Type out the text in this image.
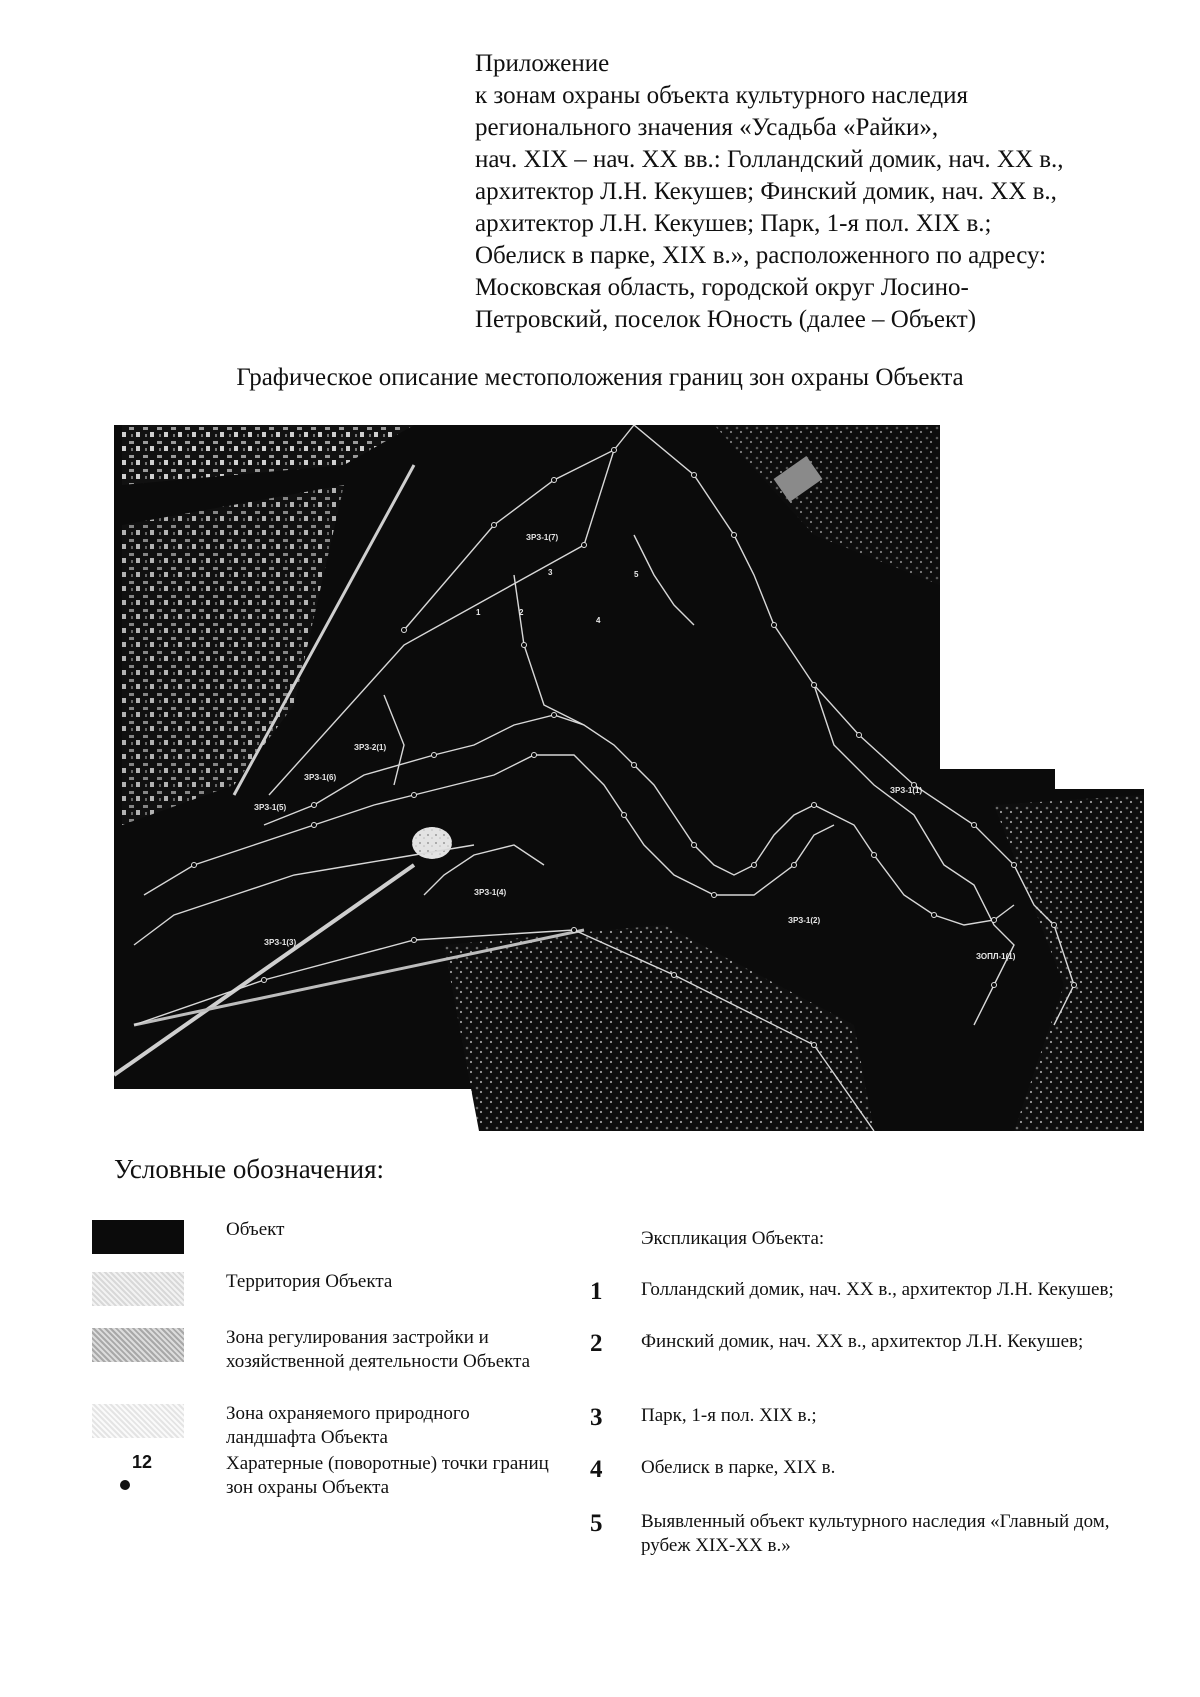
Приложение
к зонам охраны объекта культурного наследия
регионального значения «Усадьба «Райки»,
нач. XIX – нач. XX вв.: Голландский домик, нач. XX в.,
архитектор Л.Н. Кекушев; Финский домик, нач. XX в.,
архитектор Л.Н. Кекушев; Парк, 1-я пол. XIX в.;
Обелиск в парке, XIX в.», расположенного по адресу:
Московская область, городской округ Лосино-
Петровский, поселок Юность (далее – Объект)
Графическое описание местоположения границ зон охраны Объекта
ЗРЗ-1(7)
ЗРЗ-2(1)
ЗРЗ-1(6)
ЗРЗ-1(5)
ЗРЗ-1(1)
ЗРЗ-1(4)
ЗРЗ-1(3)
ЗРЗ-1(2)
ЗОПЛ-1(1)
1	2
3
4
5
Условные обозначения:
Объект
Территория Объекта
Зона регулирования застройки и хозяйственной деятельности Объекта
Зона охраняемого природного ландшафта Объекта
12	Харатерные (поворотные) точки границ зон охраны Объекта
Экспликация Объекта:
1 Голландский домик, нач. XX в., архитектор Л.Н. Кекушев;
2 Финский домик, нач. XX в., архитектор Л.Н. Кекушев;
3 Парк, 1-я пол. XIX в.;
4 Обелиск в парке, XIX в.
5 Выявленный объект культурного наследия «Главный дом, рубеж XIX-XX в.»
